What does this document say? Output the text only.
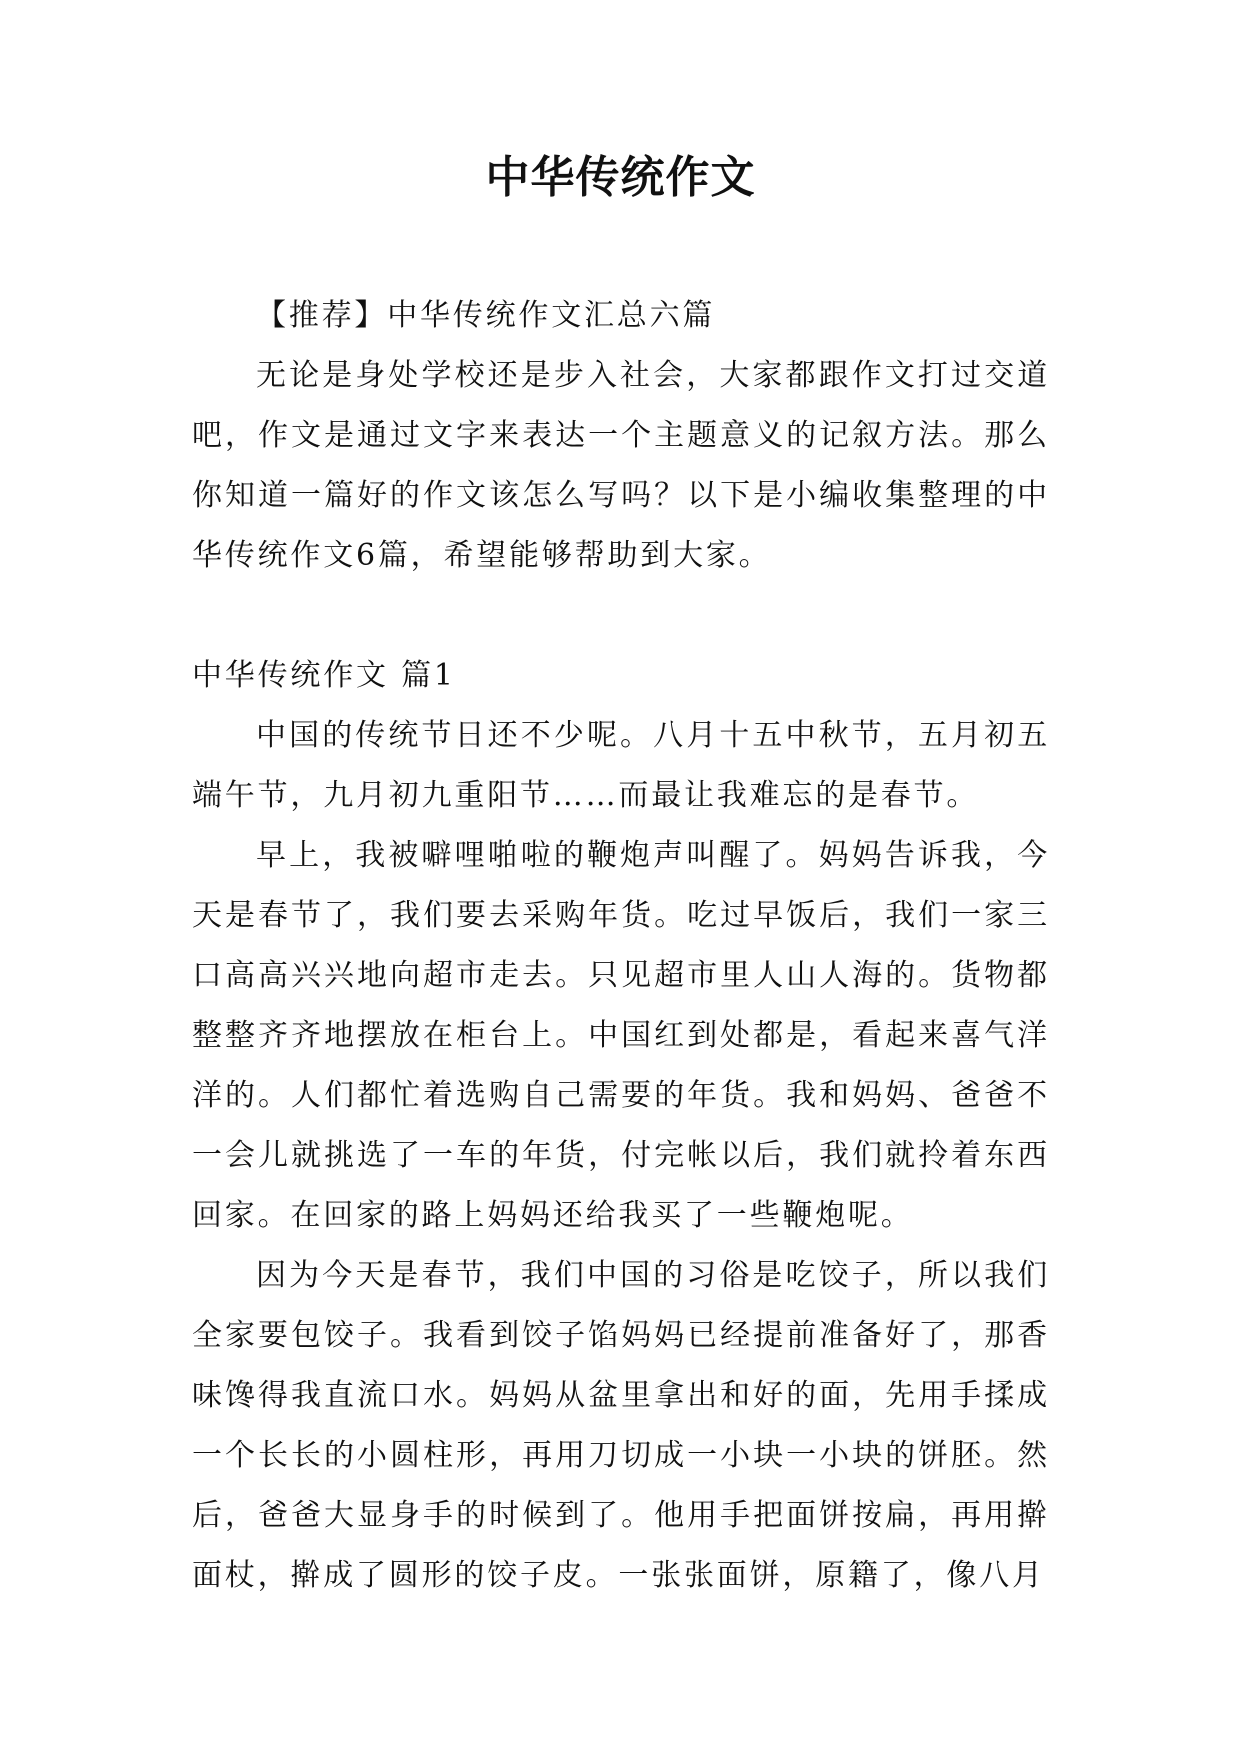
中华传统作文

【推荐】中华传统作文汇总六篇

无论是身处学校还是步入社会，大家都跟作文打过交道吧，作文是通过文字来表达一个主题意义的记叙方法。那么你知道一篇好的作文该怎么写吗？以下是小编收集整理的中华传统作文6篇，希望能够帮助到大家。

中华传统作文 篇1

中国的传统节日还不少呢。八月十五中秋节，五月初五端午节，九月初九重阳节……而最让我难忘的是春节。

早上，我被噼哩啪啦的鞭炮声叫醒了。妈妈告诉我，今天是春节了，我们要去采购年货。吃过早饭后，我们一家三口高高兴兴地向超市走去。只见超市里人山人海的。货物都整整齐齐地摆放在柜台上。中国红到处都是，看起来喜气洋洋的。人们都忙着选购自己需要的年货。我和妈妈、爸爸不一会儿就挑选了一车的年货，付完帐以后，我们就拎着东西回家。在回家的路上妈妈还给我买了一些鞭炮呢。

因为今天是春节，我们中国的习俗是吃饺子，所以我们全家要包饺子。我看到饺子馅妈妈已经提前准备好了，那香味馋得我直流口水。妈妈从盆里拿出和好的面，先用手揉成一个长长的小圆柱形，再用刀切成一小块一小块的饼胚。然后，爸爸大显身手的时候到了。他用手把面饼按扁，再用擀面杖，擀成了圆形的饺子皮。一张张面饼，原籍了，像八月
